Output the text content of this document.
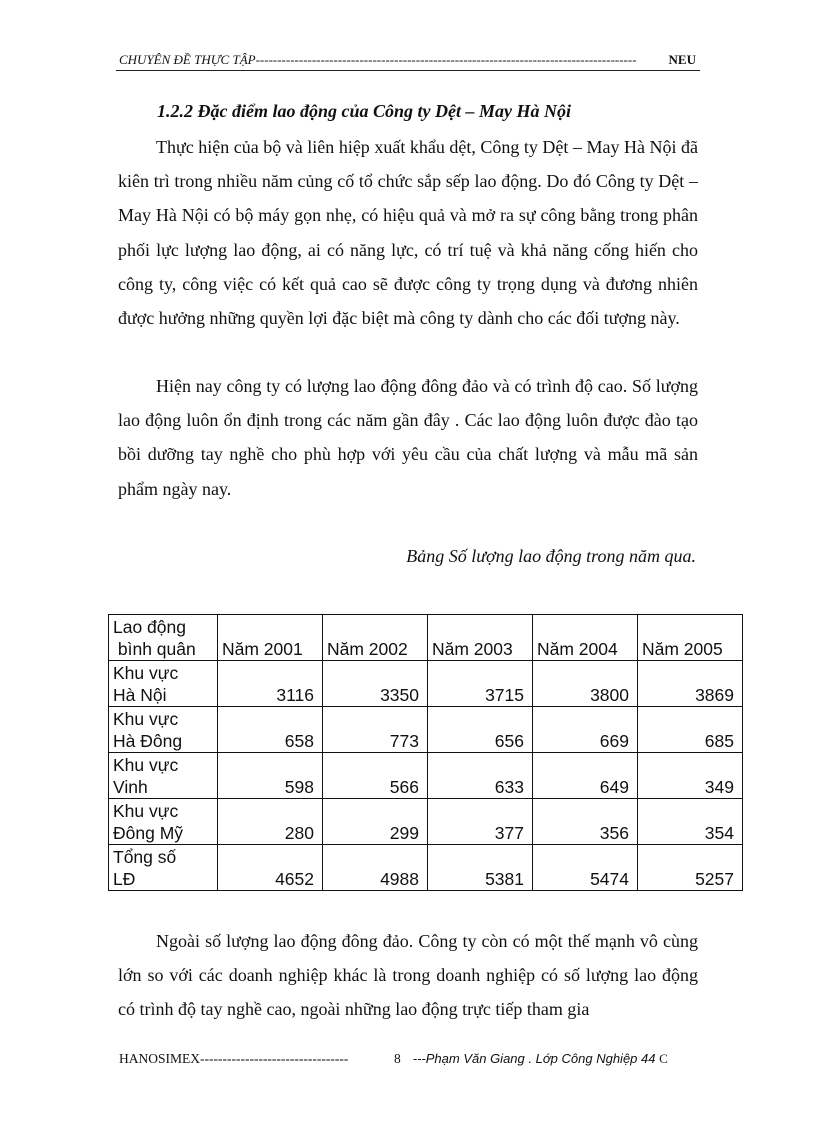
CHUYÊN ĐỀ THỰC TẬP ----------------------------------------------------------------------------------------	NEU
1.2.2 Đặc điểm lao động của Công ty Dệt – May Hà Nội
Thực hiện của bộ và liên hiệp xuất khẩu dệt, Công ty Dệt – May Hà Nội đã kiên trì trong nhiều năm củng cố tổ chức sắp sếp lao động. Do đó Công ty Dệt – May Hà Nội có bộ máy gọn nhẹ, có hiệu quả và mở ra sự công bằng trong phân phối lực lượng lao động, ai có năng lực, có trí tuệ và khả năng cống hiến cho công ty, công việc có kết quả cao sẽ được công ty trọng dụng và đương nhiên được hưởng những quyền lợi đặc biệt mà công ty dành cho các đối tượng này.
Hiện nay công ty có lượng lao động đông đảo và có trình độ cao. Số lượng lao động luôn ổn định trong các năm gần đây . Các lao động luôn được đào tạo bồi dưỡng tay nghề cho phù hợp với yêu cầu của chất lượng và mẫu mã sản phẩm ngày nay.
Bảng Số lượng lao động trong năm qua.
Lao động
bình quân	Năm 2001	Năm 2002	Năm 2003	Năm 2004	Năm 2005

Khu vực
Hà Nội	3116	3350	3715	3800	3869

Khu vực
Hà Đông	658	773	656	669	685

Khu vực
Vinh	598	566	633	649	349

Khu vực
Đông Mỹ	280	299	377	356	354

Tổng số
LĐ	4652	4988	5381	5474	5257
Ngoài số lượng lao động đông đảo. Công ty còn có một thế mạnh vô cùng lớn so với các doanh nghiệp khác là trong doanh nghiệp có số lượng lao động có trình độ tay nghề cao, ngoài những lao động trực tiếp tham gia
HANOSIMEX ---------------------------------	8 ---Phạm Văn Giang . Lớp Công Nghiệp 44 C
